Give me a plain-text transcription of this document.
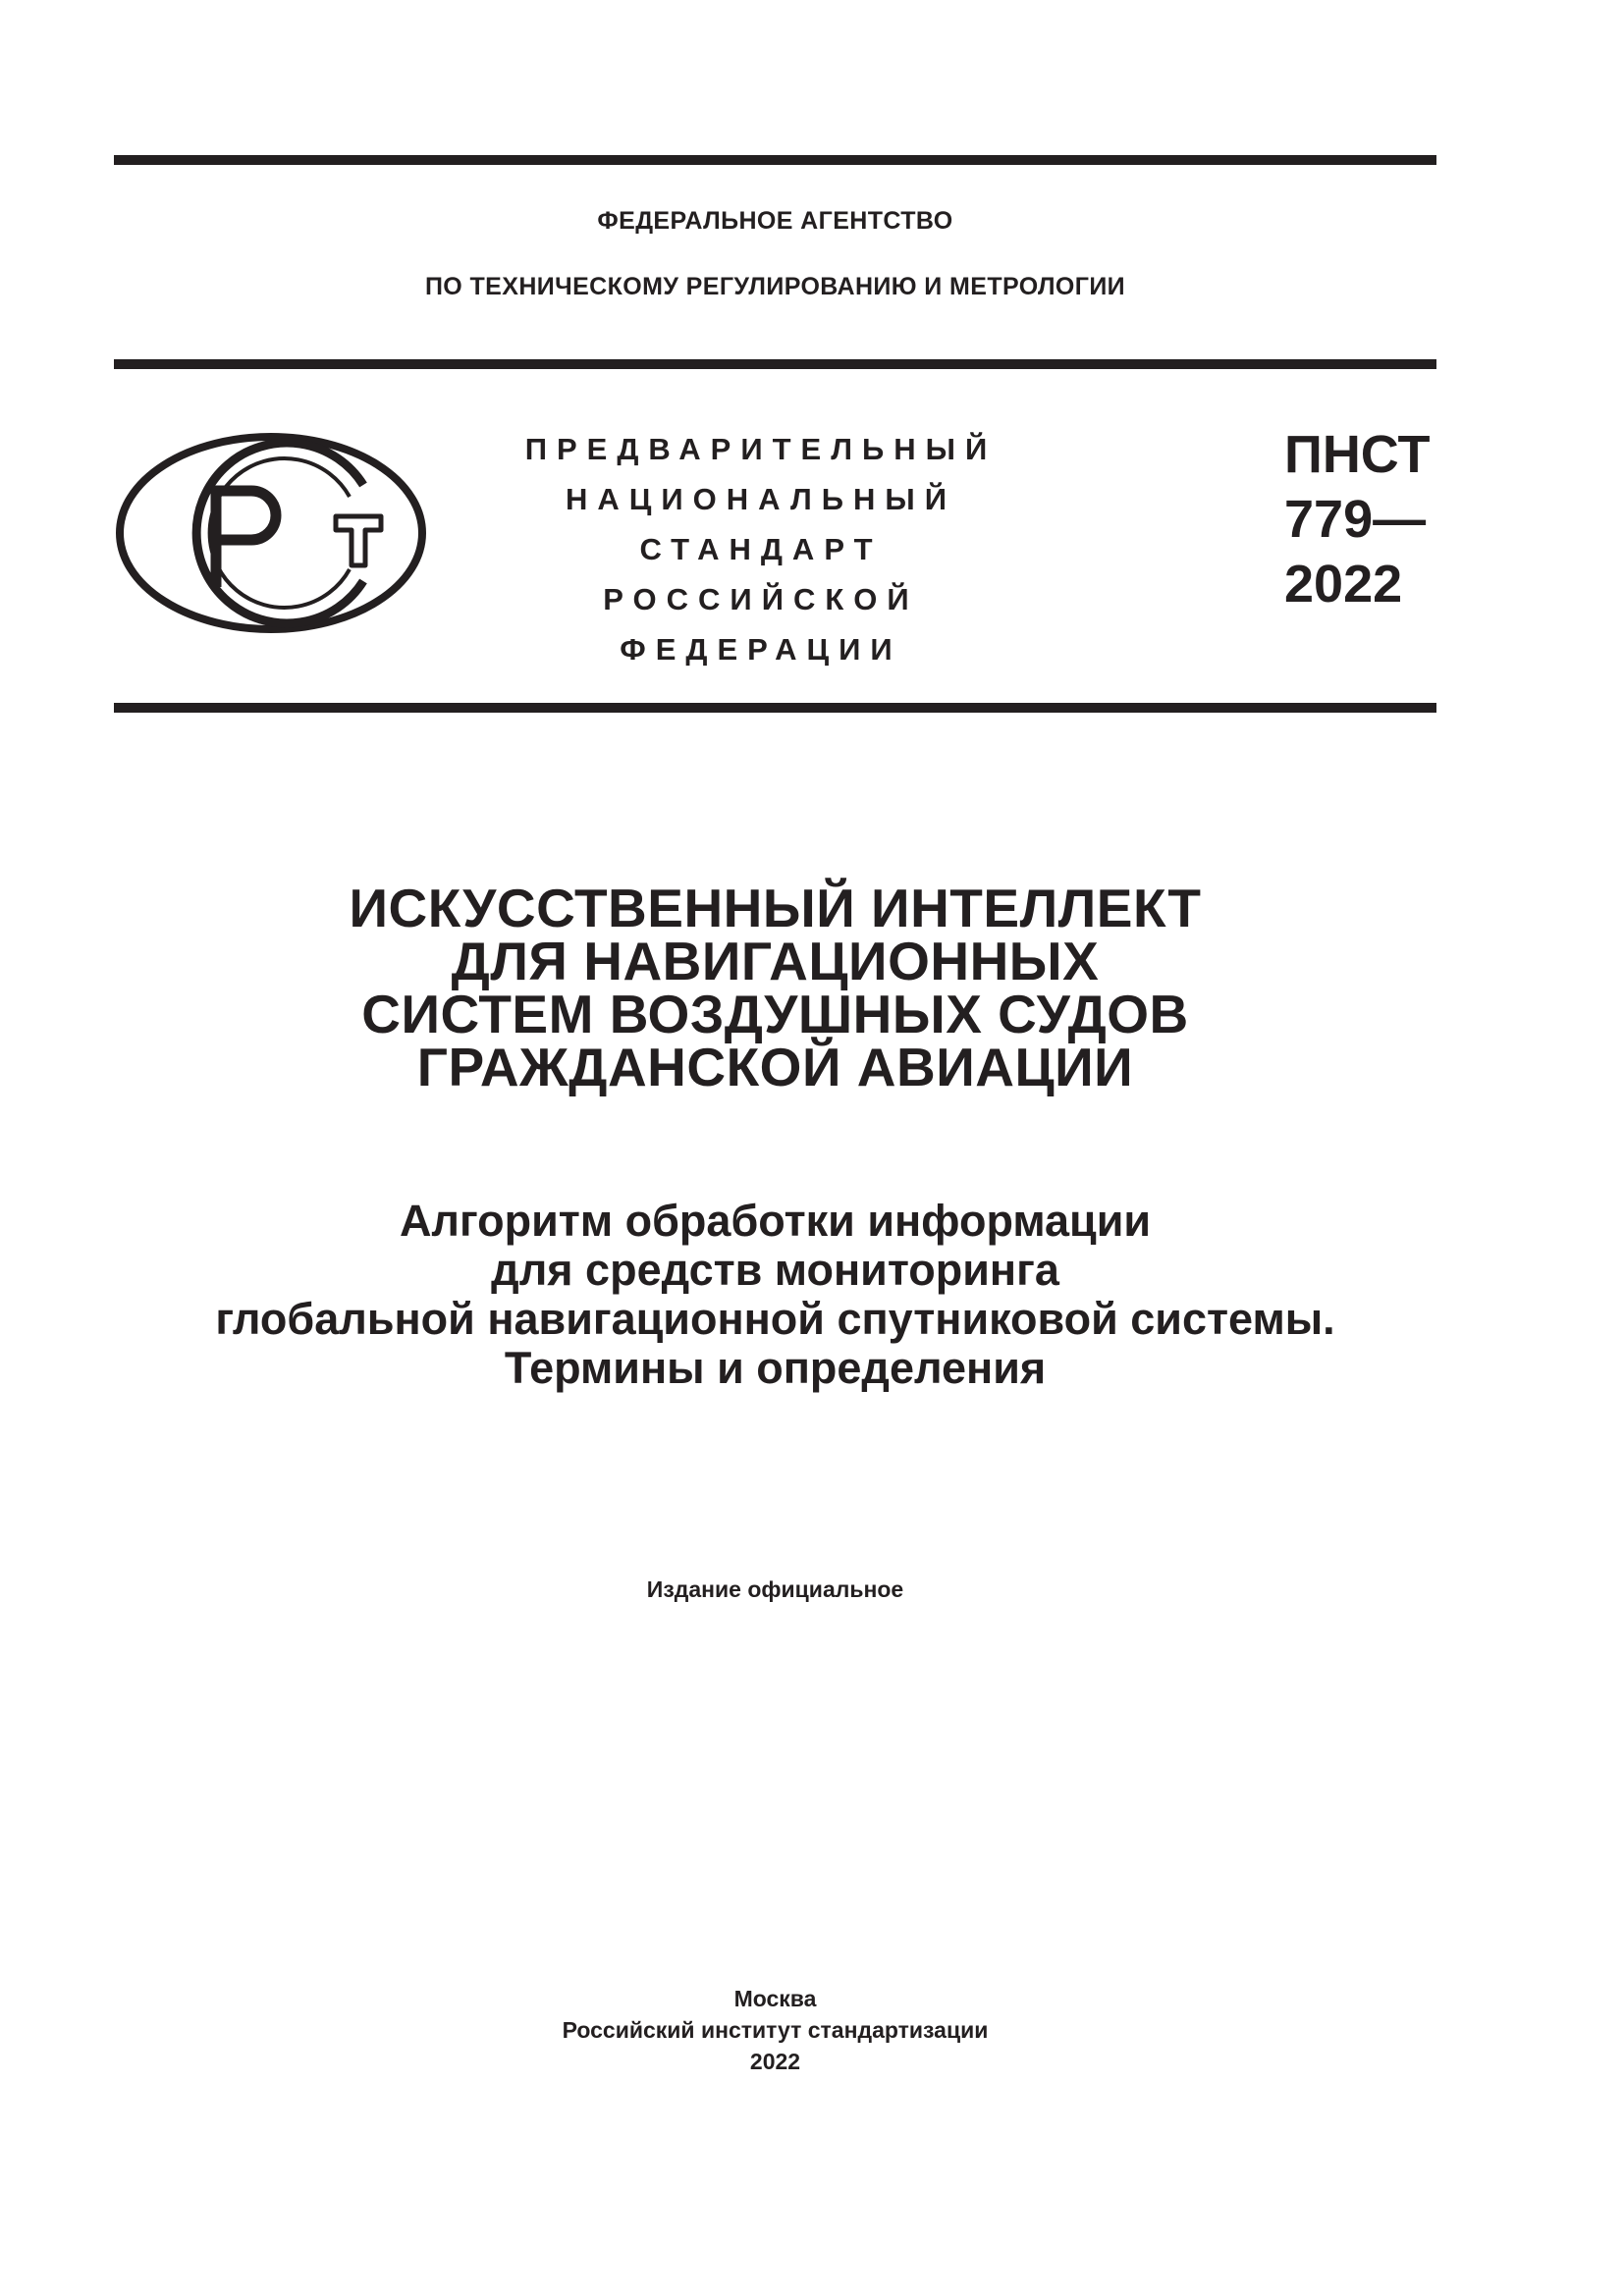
ФЕДЕРАЛЬНОЕ АГЕНТСТВО
ПО ТЕХНИЧЕСКОМУ РЕГУЛИРОВАНИЮ И МЕТРОЛОГИИ
ПРЕДВАРИТЕЛЬНЫЙ
НАЦИОНАЛЬНЫЙ
СТАНДАРТ
РОССИЙСКОЙ
ФЕДЕРАЦИИ
ПНСТ
779—
2022
ИСКУССТВЕННЫЙ ИНТЕЛЛЕКТ
ДЛЯ НАВИГАЦИОННЫХ
СИСТЕМ ВОЗДУШНЫХ СУДОВ
ГРАЖДАНСКОЙ АВИАЦИИ
Алгоритм обработки информации
для средств мониторинга
глобальной навигационной спутниковой системы.
Термины и определения
Издание официальное
Москва
Российский институт стандартизации
2022
